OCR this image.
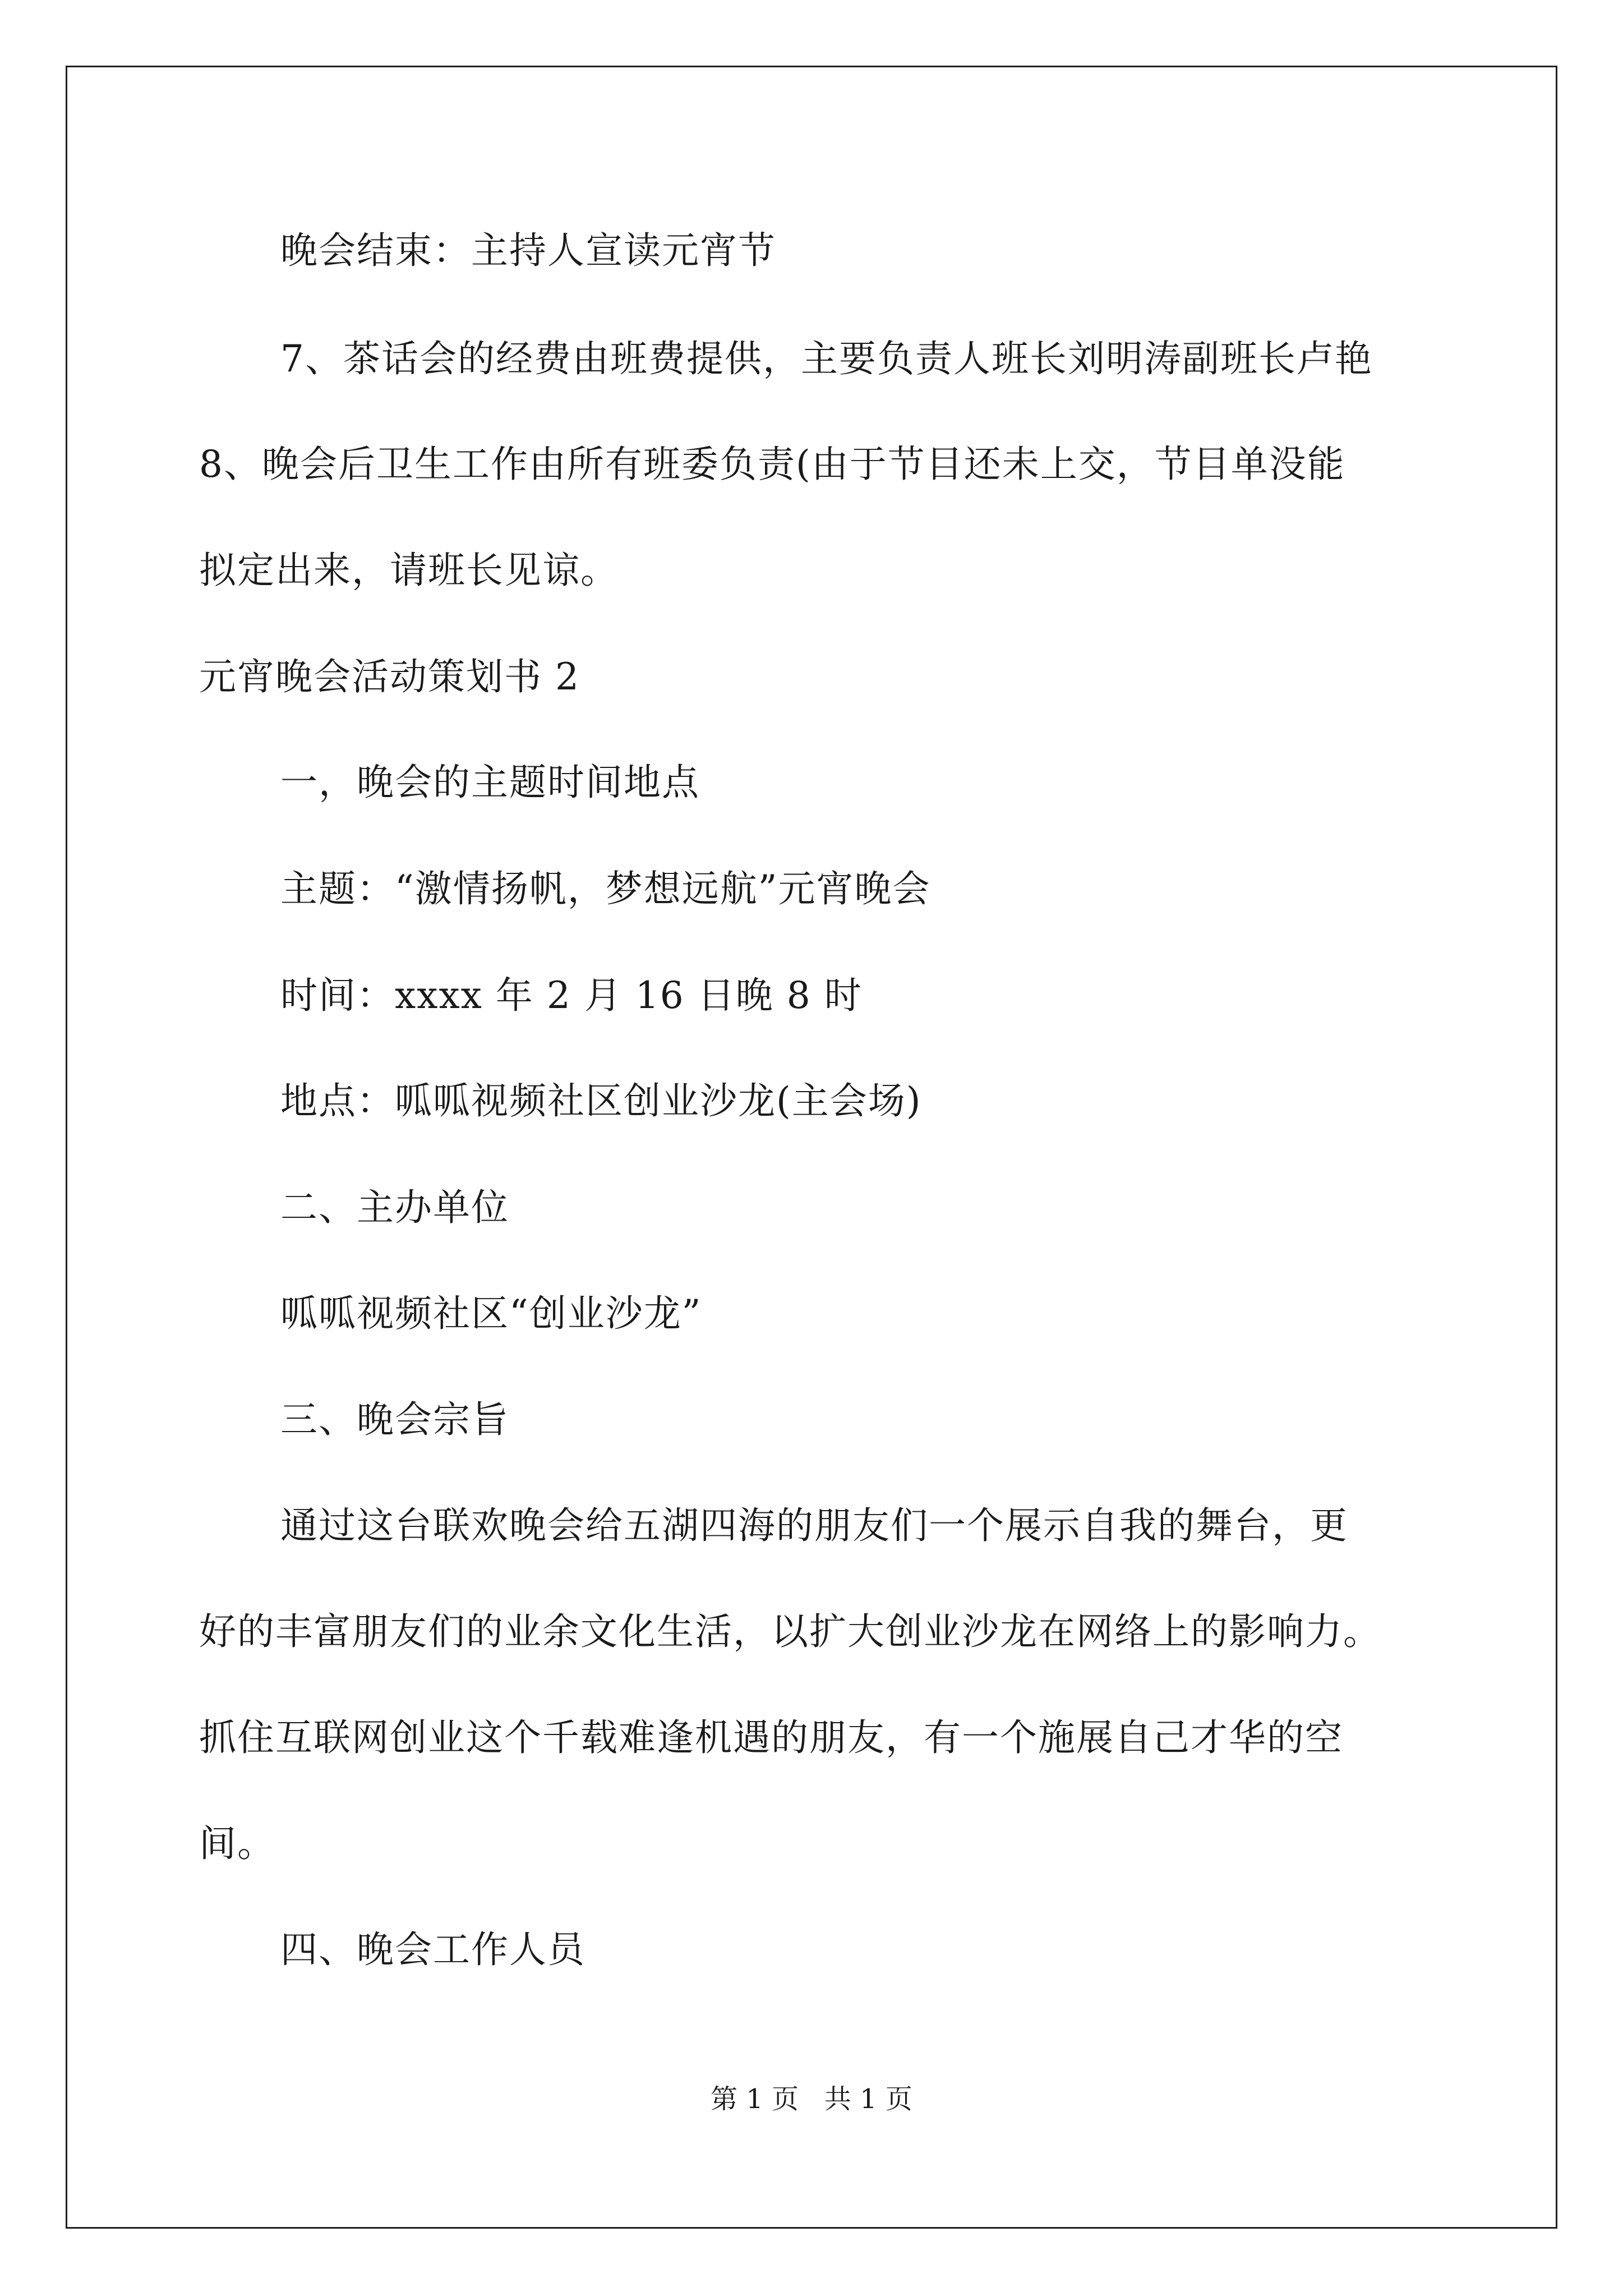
晚会结束：主持人宣读元宵节
7、茶话会的经费由班费提供，主要负责人班长刘明涛副班长卢艳
8、晚会后卫生工作由所有班委负责(由于节目还未上交，节目单没能
拟定出来，请班长见谅。
元宵晚会活动策划书 2
一，晚会的主题时间地点
主题：“激情扬帆，梦想远航”元宵晚会
时间：xxxx 年 2 月 16 日晚 8 时
地点：呱呱视频社区创业沙龙(主会场)
二、主办单位
呱呱视频社区“创业沙龙”
三、晚会宗旨
通过这台联欢晚会给五湖四海的朋友们一个展示自我的舞台，更
好的丰富朋友们的业余文化生活，以扩大创业沙龙在网络上的影响力。
抓住互联网创业这个千载难逢机遇的朋友，有一个施展自己才华的空
间。
四、晚会工作人员
第 1 页   共 1 页
